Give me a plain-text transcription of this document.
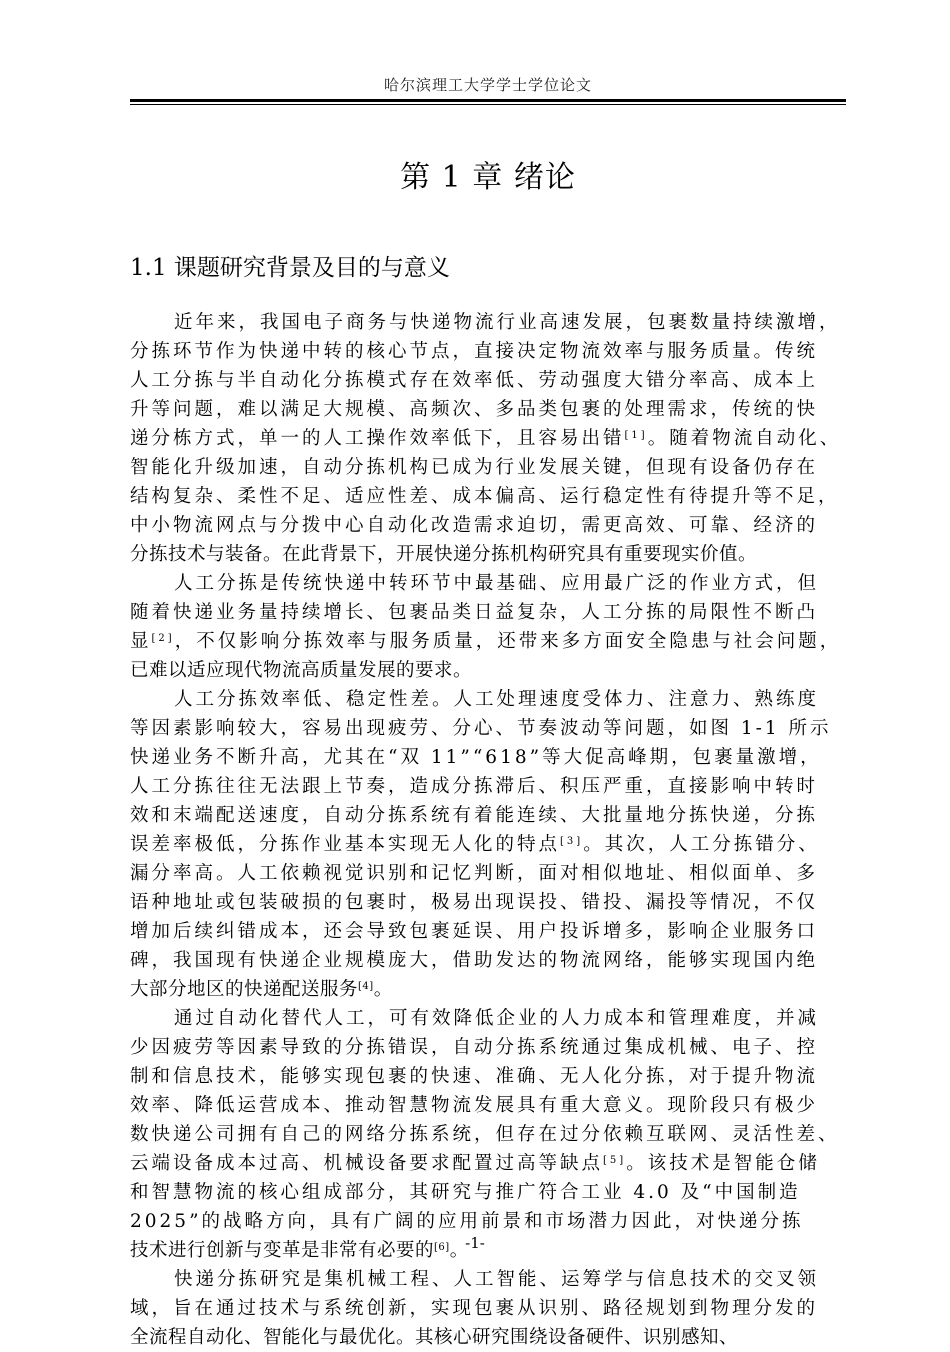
哈尔滨理工大学学士学位论文
第 1 章 绪论
1.1 课题研究背景及目的与意义
近年来，我国电子商务与快递物流行业高速发展，包裹数量持续激增，
分拣环节作为快递中转的核心节点，直接决定物流效率与服务质量。传统
人工分拣与半自动化分拣模式存在效率低、劳动强度大错分率高、成本上
升等问题，难以满足大规模、高频次、多品类包裹的处理需求，传统的快
递分栋方式，单一的人工操作效率低下，且容易出错[1]。随着物流自动化、
智能化升级加速，自动分拣机构已成为行业发展关键，但现有设备仍存在
结构复杂、柔性不足、适应性差、成本偏高、运行稳定性有待提升等不足，
中小物流网点与分拨中心自动化改造需求迫切，需更高效、可靠、经济的
分拣技术与装备。在此背景下，开展快递分拣机构研究具有重要现实价值。
人工分拣是传统快递中转环节中最基础、应用最广泛的作业方式，但
随着快递业务量持续增长、包裹品类日益复杂，人工分拣的局限性不断凸
显[2]，不仅影响分拣效率与服务质量，还带来多方面安全隐患与社会问题，
已难以适应现代物流高质量发展的要求。
人工分拣效率低、稳定性差。人工处理速度受体力、注意力、熟练度
等因素影响较大，容易出现疲劳、分心、节奏波动等问题，如图 1-1 所示
快递业务不断升高，尤其在“双 11”“618”等大促高峰期，包裹量激增，
人工分拣往往无法跟上节奏，造成分拣滞后、积压严重，直接影响中转时
效和末端配送速度，自动分拣系统有着能连续、大批量地分拣快递，分拣
误差率极低，分拣作业基本实现无人化的特点[3]。其次，人工分拣错分、
漏分率高。人工依赖视觉识别和记忆判断，面对相似地址、相似面单、多
语种地址或包装破损的包裹时，极易出现误投、错投、漏投等情况，不仅
增加后续纠错成本，还会导致包裹延误、用户投诉增多，影响企业服务口
碑，我国现有快递企业规模庞大，借助发达的物流网络，能够实现国内绝
大部分地区的快递配送服务[4]。
通过自动化替代人工，可有效降低企业的人力成本和管理难度，并减
少因疲劳等因素导致的分拣错误，自动分拣系统通过集成机械、电子、控
制和信息技术，能够实现包裹的快速、准确、无人化分拣，对于提升物流
效率、降低运营成本、推动智慧物流发展具有重大意义。现阶段只有极少
数快递公司拥有自己的网络分拣系统，但存在过分依赖互联网、灵活性差、
云端设备成本过高、机械设备要求配置过高等缺点[5]。该技术是智能仓储
和智慧物流的核心组成部分，其研究与推广符合工业 4.0 及“中国制造
2025”的战略方向，具有广阔的应用前景和市场潜力因此，对快递分拣
技术进行创新与变革是非常有必要的[6]。
快递分拣研究是集机械工程、人工智能、运筹学与信息技术的交叉领
域，旨在通过技术与系统创新，实现包裹从识别、路径规划到物理分发的
全流程自动化、智能化与最优化。其核心研究围绕设备硬件、识别感知、
-1-
